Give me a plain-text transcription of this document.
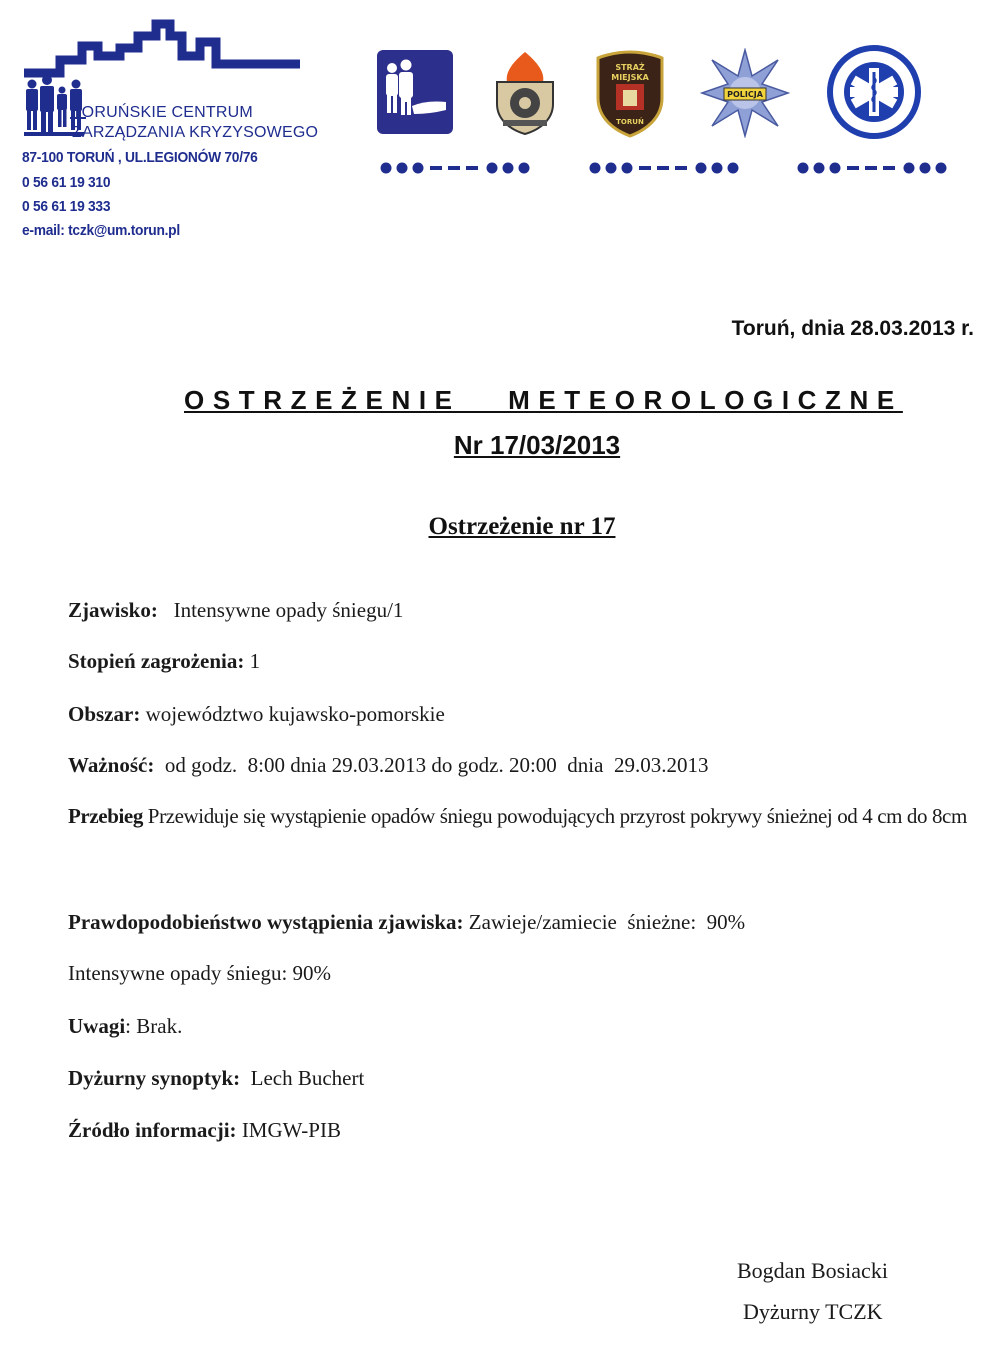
TORUŃSKIE CENTRUM
ZARZĄDZANIA KRYZYSOWEGO
87-100 TORUŃ , UL.LEGIONÓW 70/76
0 56 61 19 310
0 56 61 19 333
e-mail: tczk@um.torun.pl
STRAŻ
MIEJSKA
TORUŃ
POLICJA
Toruń, dnia 28.03.2013 r.
OSTRZEŻENIE   METEOROLOGICZNE
Nr 17/03/2013
Ostrzeżenie nr 17
Zjawisko: Intensywne opady śniegu/1
Stopień zagrożenia: 1
Obszar: województwo kujawsko-pomorskie
Ważność: od godz.  8:00 dnia 29.03.2013 do godz. 20:00  dnia  29.03.2013
Przebieg Przewiduje się wystąpienie opadów śniegu powodujących przyrost pokrywy śnieżnej od 4 cm do 8cm
Prawdopodobieństwo wystąpienia zjawiska: Zawieje/zamiecie  śnieżne:  90%
Intensywne opady śniegu: 90%
Uwagi: Brak.
Dyżurny synoptyk: Lech Buchert
Źródło informacji: IMGW-PIB
Bogdan Bosiacki
Dyżurny TCZK
